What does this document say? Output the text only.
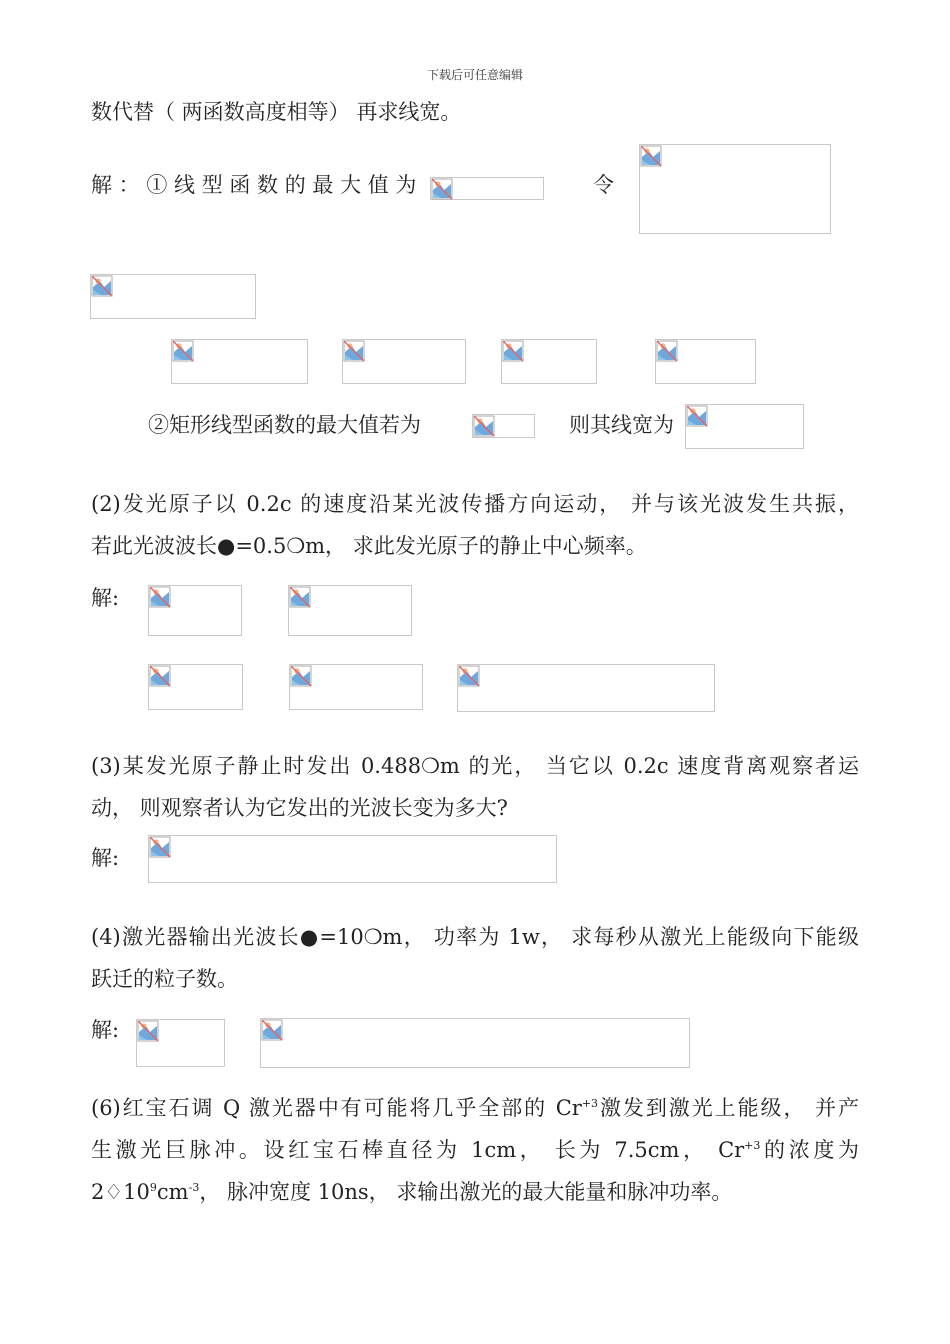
下载后可任意编辑
数代替（ 两函数高度相等） 再求线宽。
解 ： ① 线 型 函 数 的 最 大 值 为	令
②矩形线型函数的最大值若为	则其线宽为
(2)发光原子以 0.2c 的速度沿某光波传播方向运动， 并与该光波发生共振，
若此光波波长●=0.5❍m， 求此发光原子的静止中心频率。
解:
(3)某发光原子静止时发出 0.488❍m 的光， 当它以 0.2c 速度背离观察者运
动， 则观察者认为它发出的光波长变为多大?
解:
(4)激光器输出光波长●=10❍m， 功率为 1w， 求每秒从激光上能级向下能级
跃迁的粒子数。
解:
(6)红宝石调 Q 激光器中有可能将几乎全部的 $Cr^{+3}$激发到激光上能级， 并产
生激光巨脉冲。设红宝石棒直径为 1cm， 长为 7.5cm， $Cr^{+3}$的浓度为
$2♢10^9cm^{-3}$， 脉冲宽度 10ns， 求输出激光的最大能量和脉冲功率。
